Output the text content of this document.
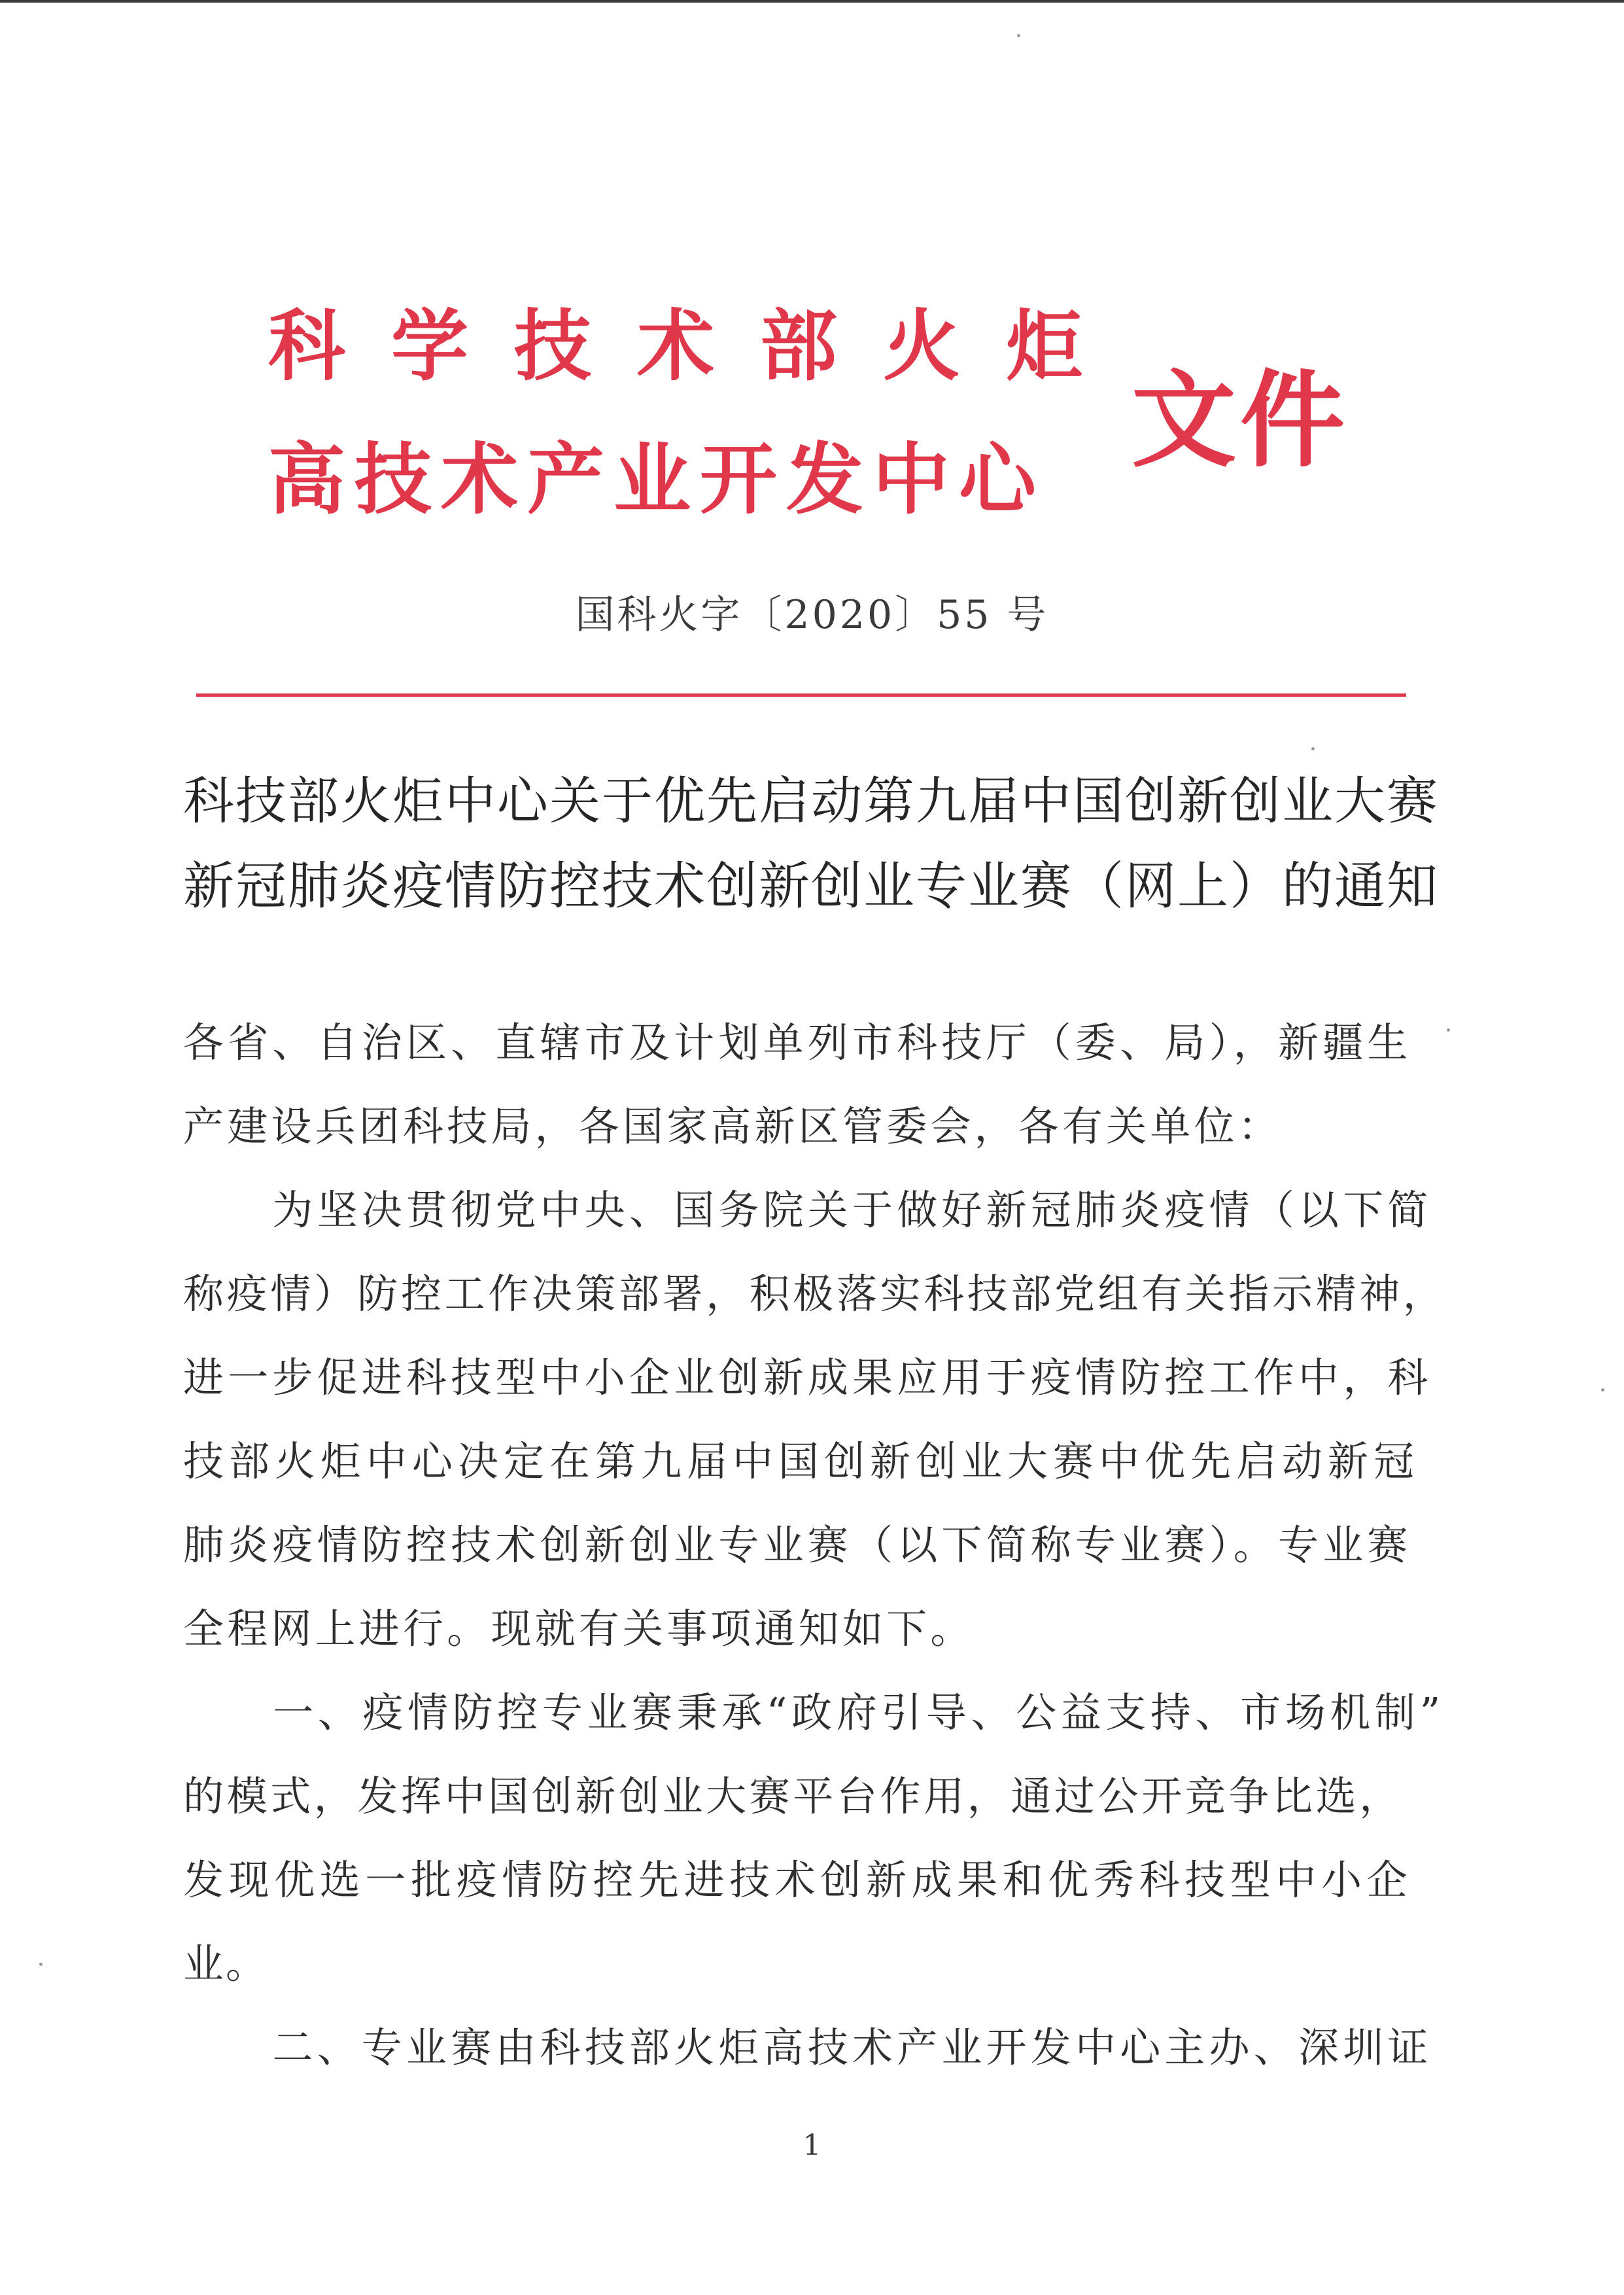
科学技术部火炬
高技术产业开发中心 文件
国科火字〔2020〕55 号
科技部火炬中心关于优先启动第九届中国创新创业大赛
新冠肺炎疫情防控技术创新创业专业赛（网上）的通知
各省、自治区、直辖市及计划单列市科技厅（委、局），新疆生
产建设兵团科技局，各国家高新区管委会，各有关单位：
　　为坚决贯彻党中央、国务院关于做好新冠肺炎疫情（以下简
称疫情）防控工作决策部署，积极落实科技部党组有关指示精神，
进一步促进科技型中小企业创新成果应用于疫情防控工作中，科
技部火炬中心决定在第九届中国创新创业大赛中优先启动新冠
肺炎疫情防控技术创新创业专业赛（以下简称专业赛）。专业赛
全程网上进行。现就有关事项通知如下。
　　一、疫情防控专业赛秉承“政府引导、公益支持、市场机制”
的模式，发挥中国创新创业大赛平台作用，通过公开竞争比选，
发现优选一批疫情防控先进技术创新成果和优秀科技型中小企
业。
　　二、专业赛由科技部火炬高技术产业开发中心主办、深圳证
1
